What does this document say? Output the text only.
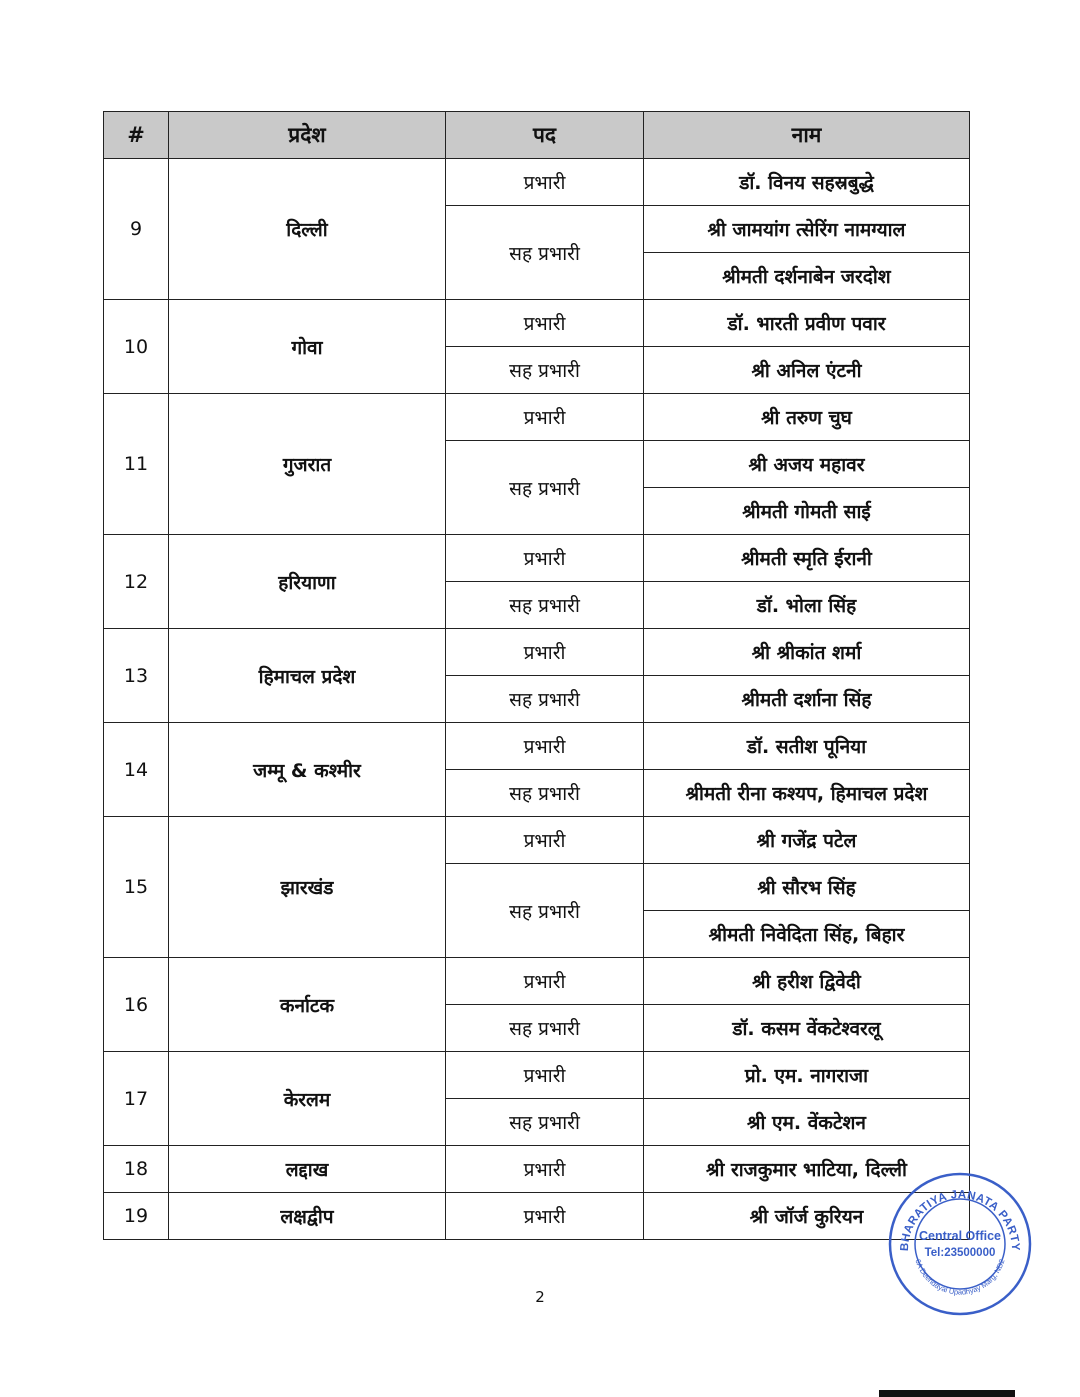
#	प्रदेश	पद	नाम
9	दिल्ली	प्रभारी	डॉ. विनय सहस्रबुद्धे
		सह प्रभारी	श्री जामयांग त्सेरिंग नामग्याल
			श्रीमती दर्शनाबेन जरदोश
10	गोवा	प्रभारी	डॉ. भारती प्रवीण पवार
		सह प्रभारी	श्री अनिल एंटनी
11	गुजरात	प्रभारी	श्री तरुण चुघ
		सह प्रभारी	श्री अजय महावर
			श्रीमती गोमती साई
12	हरियाणा	प्रभारी	श्रीमती स्मृति ईरानी
		सह प्रभारी	डॉ. भोला सिंह
13	हिमाचल प्रदेश	प्रभारी	श्री श्रीकांत शर्मा
		सह प्रभारी	श्रीमती दर्शाना सिंह
14	जम्मू & कश्मीर	प्रभारी	डॉ. सतीश पूनिया
		सह प्रभारी	श्रीमती रीना कश्यप, हिमाचल प्रदेश
15	झारखंड	प्रभारी	श्री गजेंद्र पटेल
		सह प्रभारी	श्री सौरभ सिंह
			श्रीमती निवेदिता सिंह, बिहार
16	कर्नाटक	प्रभारी	श्री हरीश द्विवेदी
		सह प्रभारी	डॉ. कसम वेंकटेश्वरलू
17	केरलम	प्रभारी	प्रो. एम. नागराजा
		सह प्रभारी	श्री एम. वेंकटेशन
18	लद्दाख	प्रभारी	श्री राजकुमार भाटिया, दिल्ली
19	लक्षद्वीप	प्रभारी	श्री जॉर्ज कुरियन
2
BHARATIYA JANATA PARTY
Central Office
Tel:23500000
6A Deendayal Upadhyay Marg, ND2
